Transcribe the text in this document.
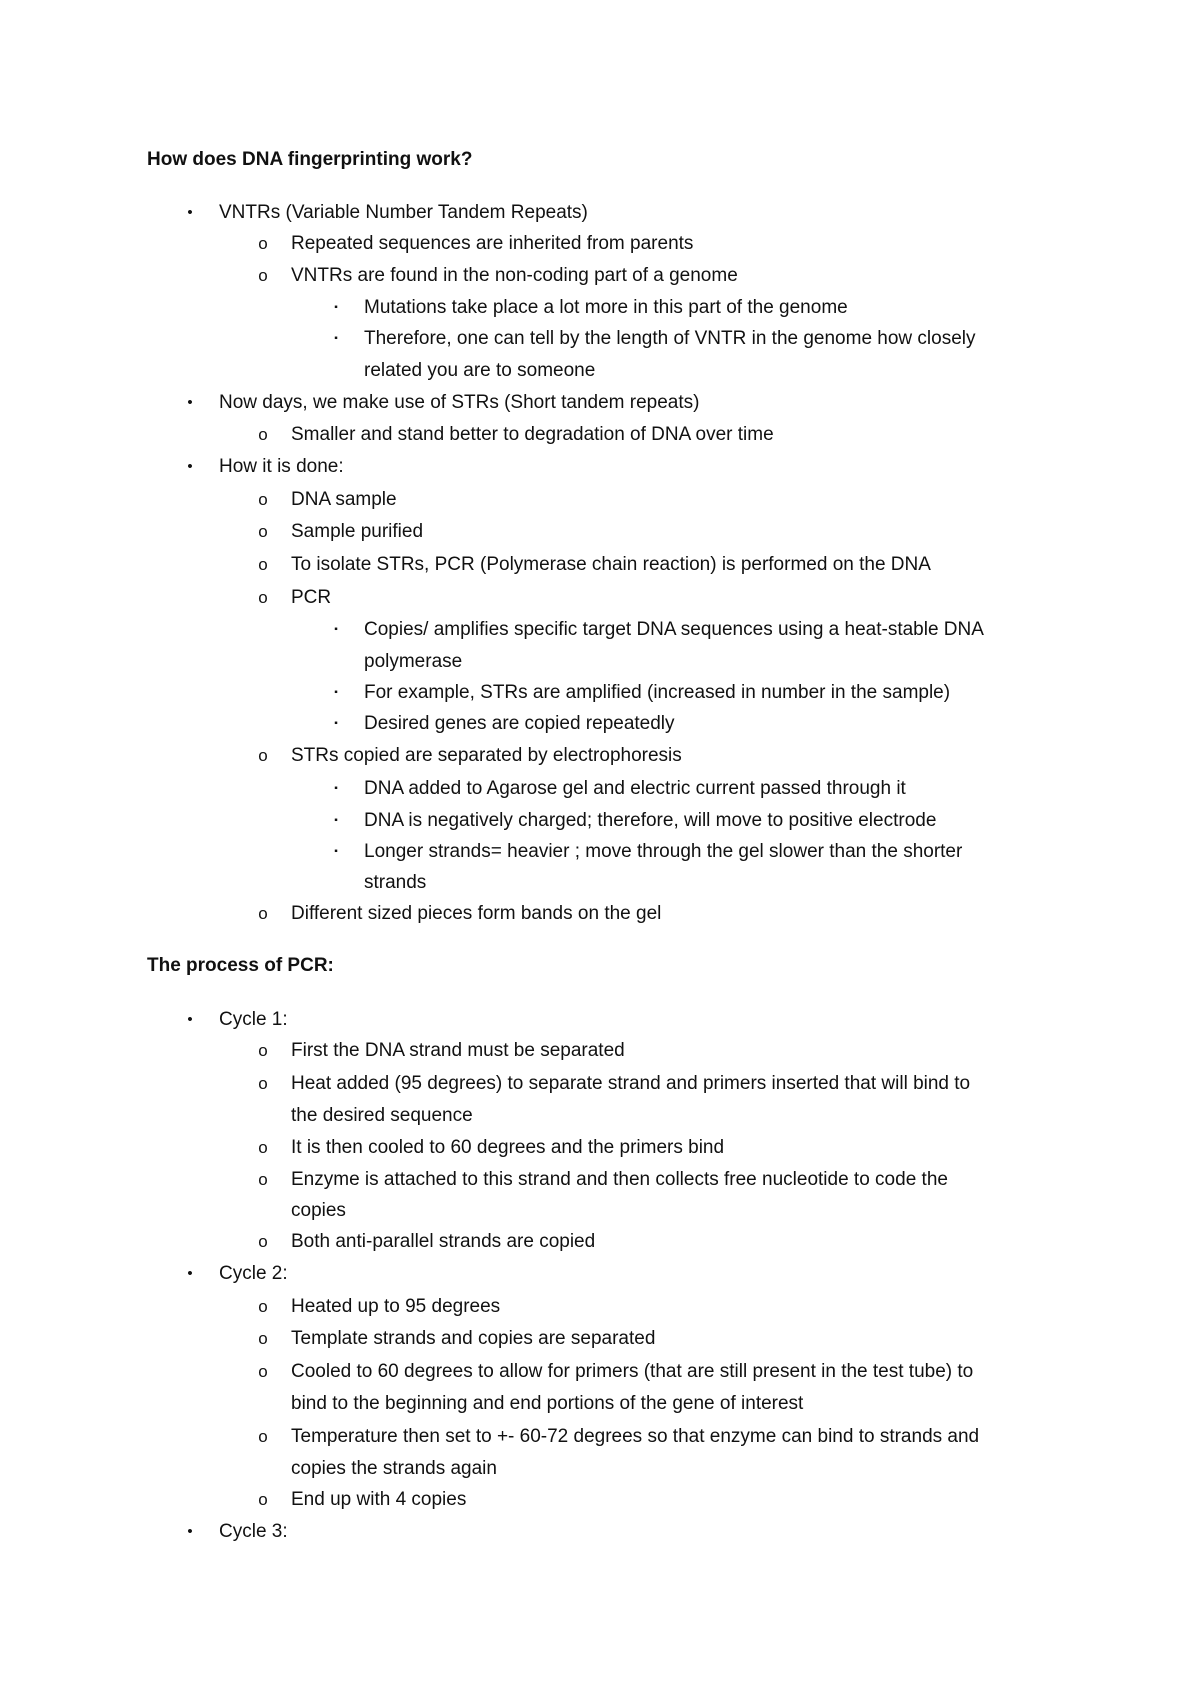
How does DNA fingerprinting work?
•	VNTRs (Variable Number Tandem Repeats)
o Repeated sequences are inherited from parents
o VNTRs are found in the non-coding part of a genome
▪	Mutations take place a lot more in this part of the genome
▪	Therefore, one can tell by the length of VNTR in the genome how closely
related you are to someone
•	Now days, we make use of STRs (Short tandem repeats)
o Smaller and stand better to degradation of DNA over time
•	How it is done:
o DNA sample
o Sample purified
o To isolate STRs, PCR (Polymerase chain reaction) is performed on the DNA
o PCR
▪	Copies/ amplifies specific target DNA sequences using a heat-stable DNA
polymerase
▪	For example, STRs are amplified (increased in number in the sample)
▪	Desired genes are copied repeatedly
o STRs copied are separated by electrophoresis
▪	DNA added to Agarose gel and electric current passed through it
▪	DNA is negatively charged; therefore, will move to positive electrode
▪	Longer strands= heavier ; move through the gel slower than the shorter
strands
o Different sized pieces form bands on the gel
The process of PCR:
•	Cycle 1:
o First the DNA strand must be separated
o Heat added (95 degrees) to separate strand and primers inserted that will bind to
the desired sequence
o It is then cooled to 60 degrees and the primers bind
o Enzyme is attached to this strand and then collects free nucleotide to code the
copies
o Both anti-parallel strands are copied
•	Cycle 2:
o Heated up to 95 degrees
o Template strands and copies are separated
o Cooled to 60 degrees to allow for primers (that are still present in the test tube) to
bind to the beginning and end portions of the gene of interest
o Temperature then set to +- 60-72 degrees so that enzyme can bind to strands and
copies the strands again
o End up with 4 copies
•	Cycle 3:
